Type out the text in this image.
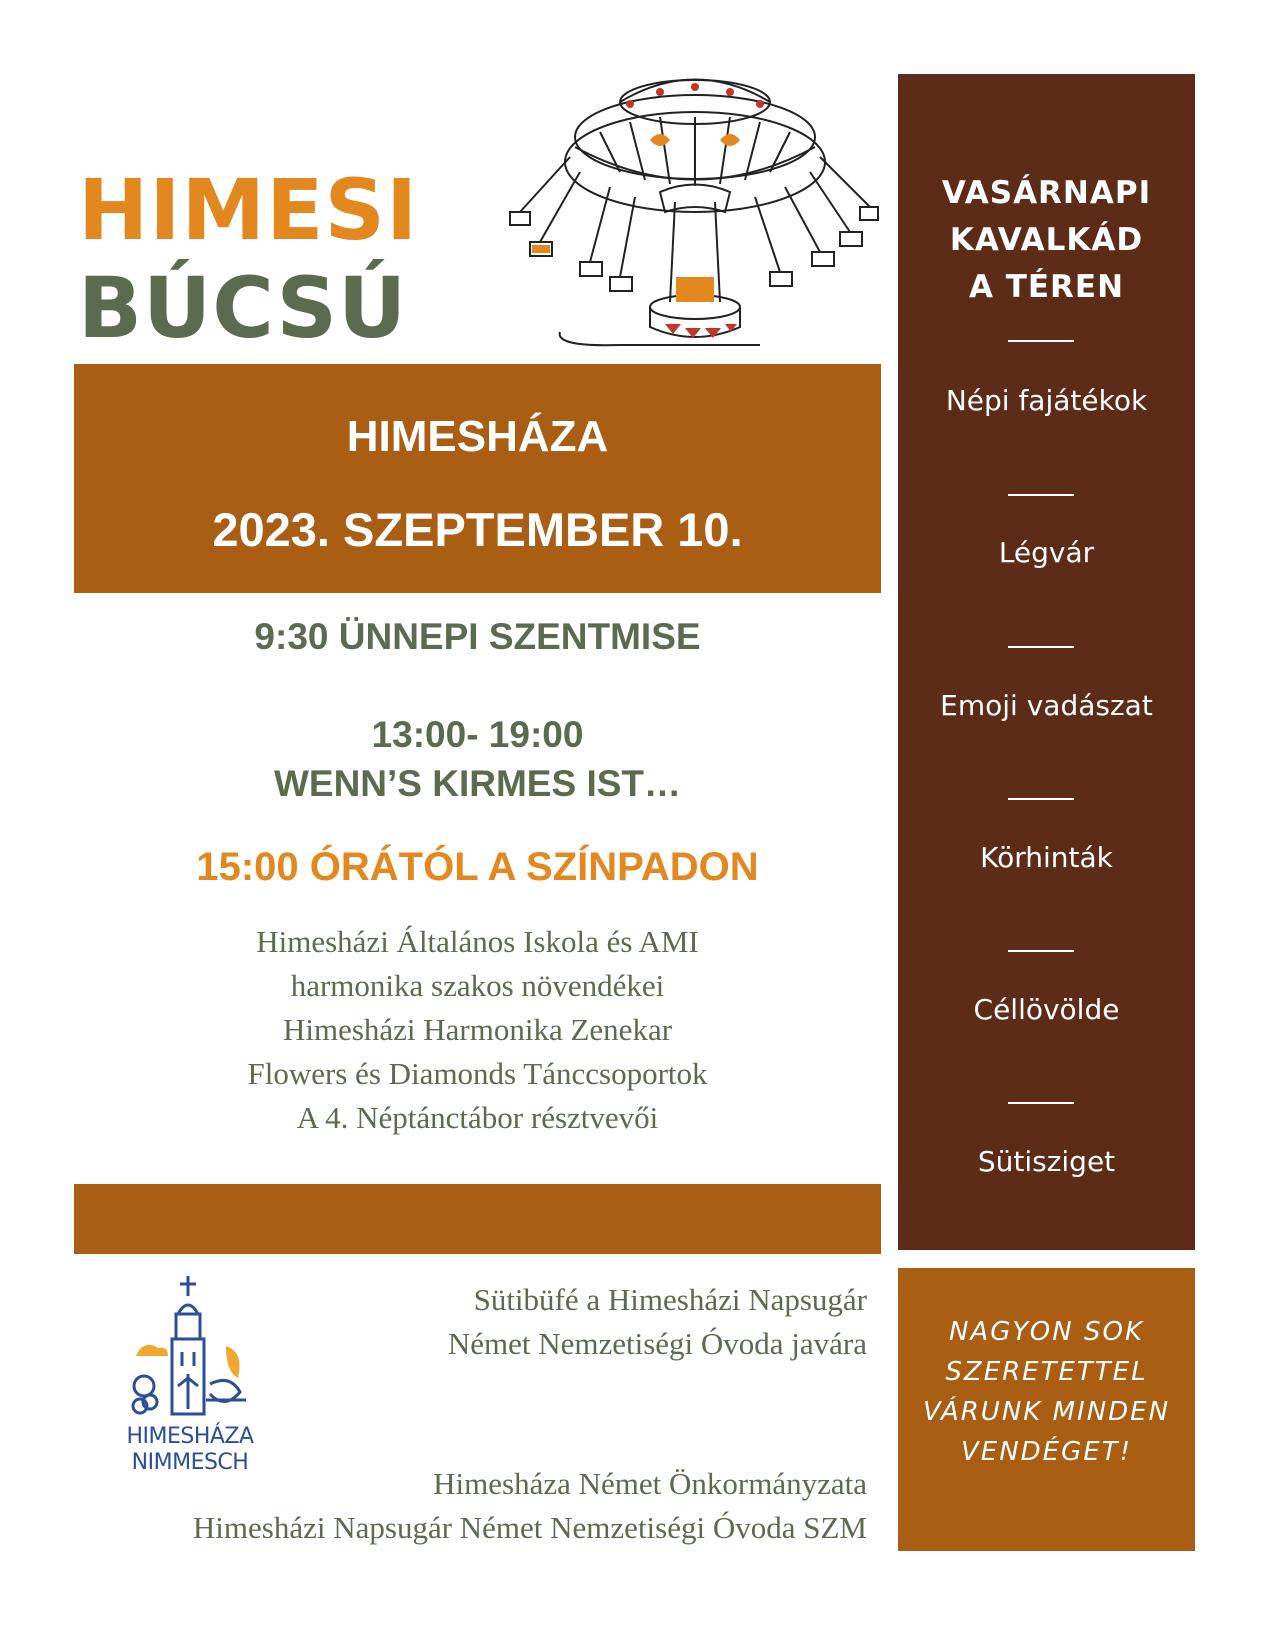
HIMESI
BÚCSÚ
HIMESHÁZA
2023. SZEPTEMBER 10.
9:30 ÜNNEPI SZENTMISE
13:00- 19:00
WENN’S KIRMES IST…
15:00 ÓRÁTÓL A SZÍNPADON
Himesházi Általános Iskola és AMI
harmonika szakos növendékei
Himesházi Harmonika Zenekar
Flowers és Diamonds Tánccsoportok
A 4. Néptánctábor résztvevői
VASÁRNAPI
KAVALKÁD
A TÉREN
Népi fajátékok
Légvár
Emoji vadászat
Körhinták
Céllövölde
Sütisziget
NAGYON SOK
SZERETETTEL
VÁRUNK MINDEN
VENDÉGET!
HIMESHÁZA
NIMMESCH
Sütibüfé a Himesházi Napsugár
Német Nemzetiségi Óvoda javára
Himesháza Német Önkormányzata
Himesházi Napsugár Német Nemzetiségi Óvoda SZM
